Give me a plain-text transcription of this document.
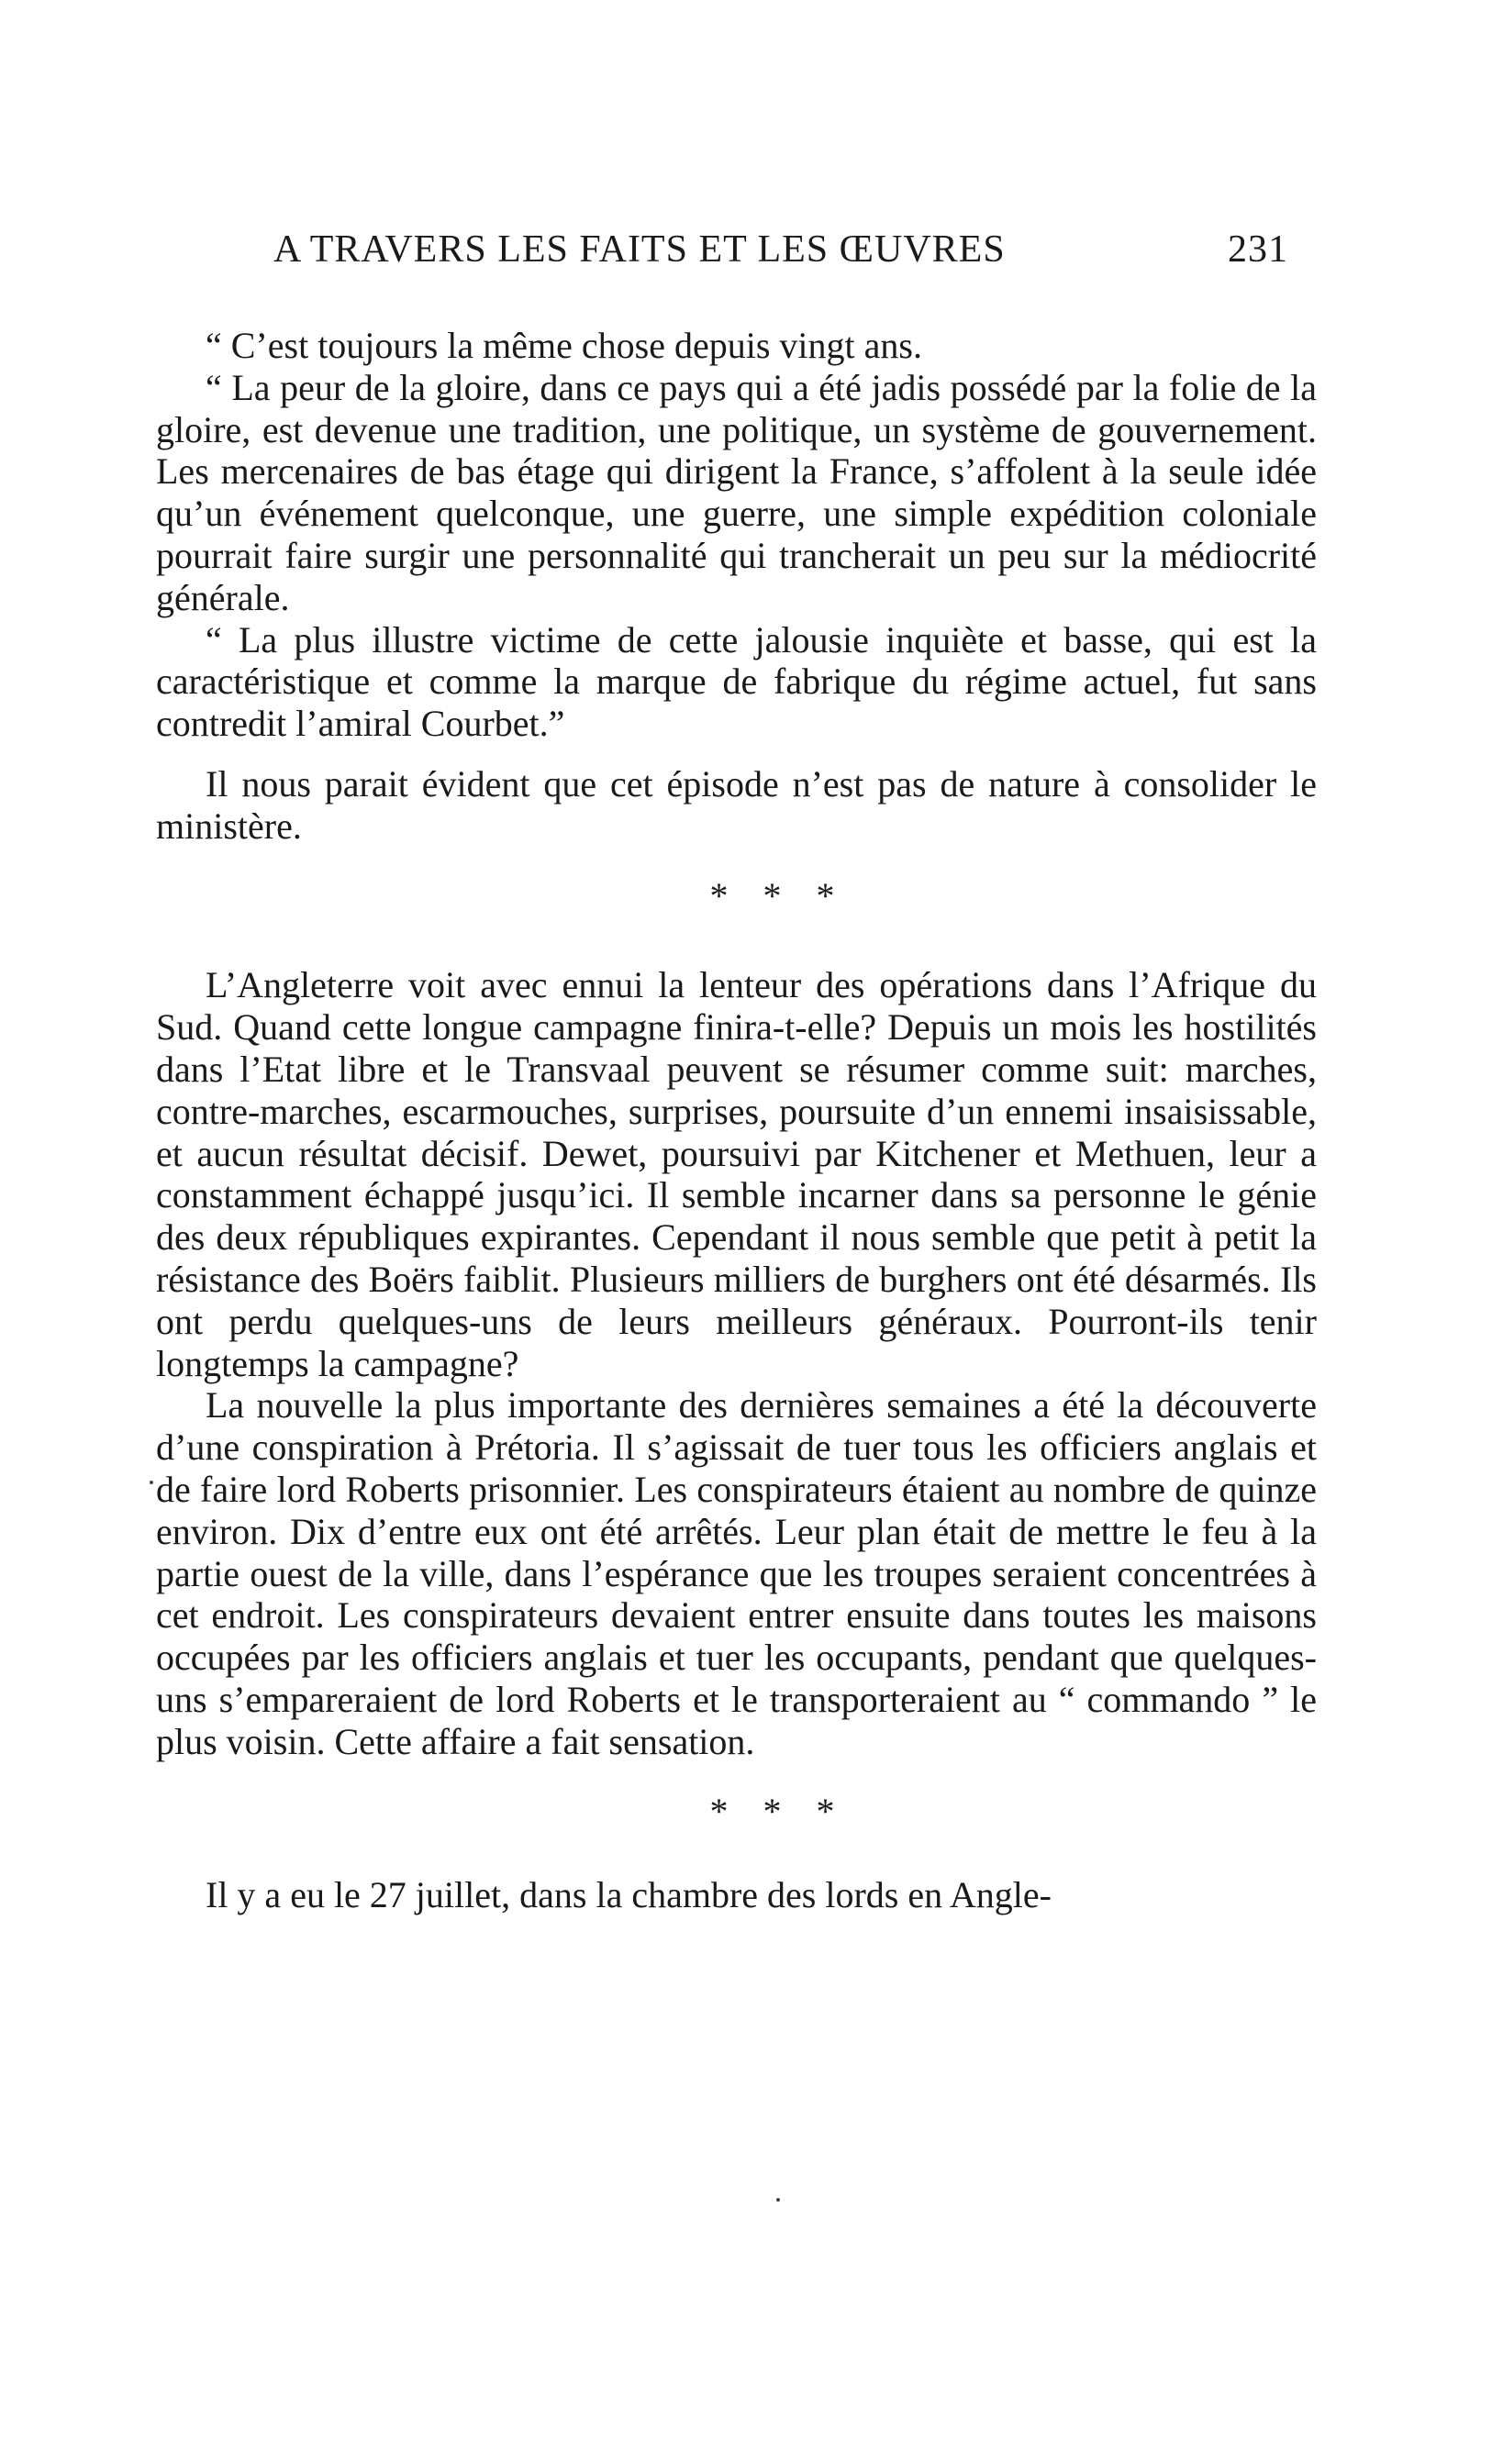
A TRAVERS LES FAITS ET LES ŒUVRES	231

“ C’est toujours la même chose depuis vingt ans.

“ La peur de la gloire, dans ce pays qui a été jadis possédé par la folie de la gloire, est devenue une tradition, une politique, un système de gouvernement. Les mercenaires de bas étage qui dirigent la France, s’affolent à la seule idée qu’un événement quelconque, une guerre, une simple expédition coloniale pourrait faire surgir une personnalité qui trancherait un peu sur la médiocrité générale.

“ La plus illustre victime de cette jalousie inquiète et basse, qui est la caractéristique et comme la marque de fabrique du régime actuel, fut sans contredit l’amiral Courbet.”

Il nous parait évident que cet épisode n’est pas de nature à consolider le ministère.

* * *

L’Angleterre voit avec ennui la lenteur des opérations dans l’Afrique du Sud. Quand cette longue campagne finira-t-elle? Depuis un mois les hostilités dans l’Etat libre et le Transvaal peuvent se résumer comme suit: marches, contre-marches, escarmouches, surprises, poursuite d’un ennemi insaisissable, et aucun résultat décisif. Dewet, poursuivi par Kitchener et Methuen, leur a constamment échappé jusqu’ici. Il semble incarner dans sa personne le génie des deux républiques expirantes. Cependant il nous semble que petit à petit la résistance des Boërs faiblit. Plusieurs milliers de burghers ont été désarmés. Ils ont perdu quelques-uns de leurs meilleurs généraux. Pourront-ils tenir longtemps la campagne?

La nouvelle la plus importante des dernières semaines a été la découverte d’une conspiration à Prétoria. Il s’agissait de tuer tous les officiers anglais et de faire lord Roberts prisonnier. Les conspirateurs étaient au nombre de quinze environ. Dix d’entre eux ont été arrêtés. Leur plan était de mettre le feu à la partie ouest de la ville, dans l’espérance que les troupes seraient concentrées à cet endroit. Les conspirateurs devaient entrer ensuite dans toutes les maisons occupées par les officiers anglais et tuer les occupants, pendant que quelques-uns s’empareraient de lord Roberts et le transporteraient au “ commando ” le plus voisin. Cette affaire a fait sensation.

* * *

Il y a eu le 27 juillet, dans la chambre des lords en Angle-
